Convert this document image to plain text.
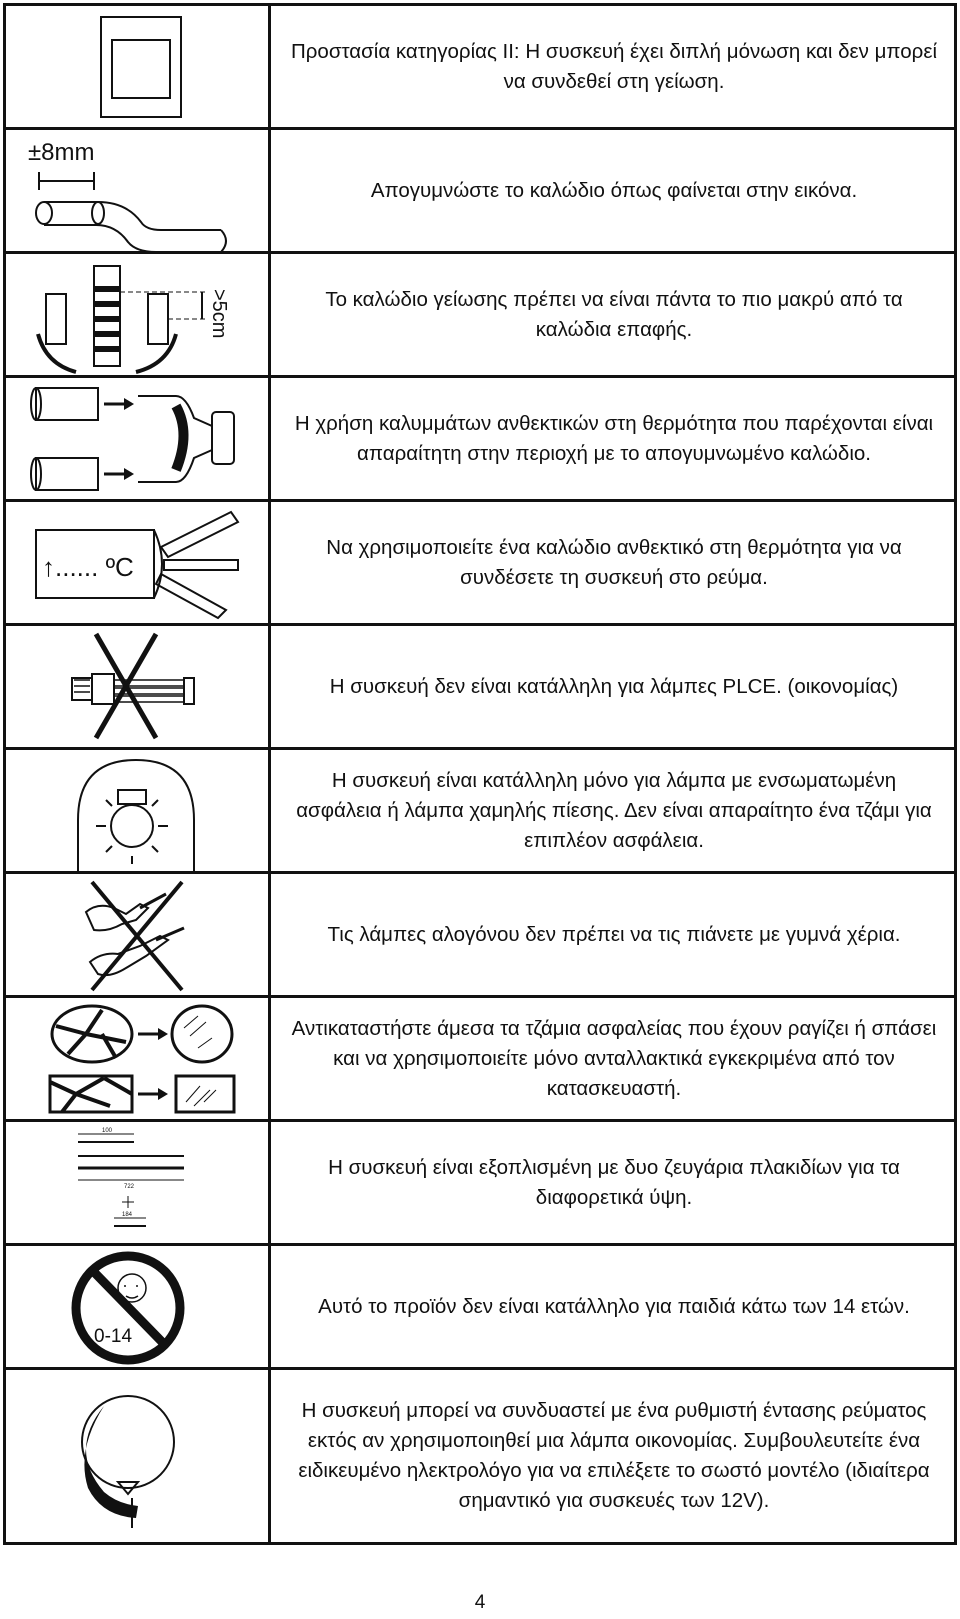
Προστασία κατηγορίας ΙΙ: Η συσκευή έχει διπλή μόνωση και δεν μπορεί να συνδεθεί στη γείωση.
±8mm
Απογυμνώστε το καλώδιο όπως φαίνεται στην εικόνα.
>5cm	Το καλώδιο γείωσης πρέπει να είναι πάντα το πιο μακρύ από τα καλώδια επαφής.
Η χρήση καλυμμάτων ανθεκτικών στη θερμότητα που παρέχονται είναι απαραίτητη στην περιοχή με το απογυμνωμένο καλώδιο.
↑...... ºC
Να χρησιμοποιείτε ένα καλώδιο ανθεκτικό στη θερμότητα για να συνδέσετε τη συσκευή στο ρεύμα.
Η συσκευή δεν είναι κατάλληλη για λάμπες PLCE. (οικονομίας)
Η συσκευή είναι κατάλληλη μόνο για λάμπα με ενσωματωμένη ασφάλεια ή λάμπα χαμηλής πίεσης. Δεν είναι απαραίτητο ένα τζάμι για επιπλέον ασφάλεια.
Τις λάμπες αλογόνου δεν πρέπει να τις πιάνετε με γυμνά χέρια.
Αντικαταστήστε άμεσα τα τζάμια ασφαλείας που έχουν ραγίζει ή σπάσει και να χρησιμοποιείτε μόνο ανταλλακτικά εγκεκριμένα από τον κατασκευαστή.
100
722
184
Η συσκευή είναι εξοπλισμένη με δυο ζευγάρια πλακιδίων για τα διαφορετικά ύψη.
0-14
Αυτό το προϊόν δεν είναι κατάλληλο για παιδιά κάτω των 14 ετών.
Η συσκευή μπορεί να συνδυαστεί με ένα ρυθμιστή έντασης ρεύματος εκτός αν χρησιμοποιηθεί μια λάμπα οικονομίας. Συμβουλευτείτε ένα ειδικευμένο ηλεκτρολόγο για να επιλέξετε το σωστό μοντέλο (ιδιαίτερα σημαντικό για συσκευές των 12V).
4
